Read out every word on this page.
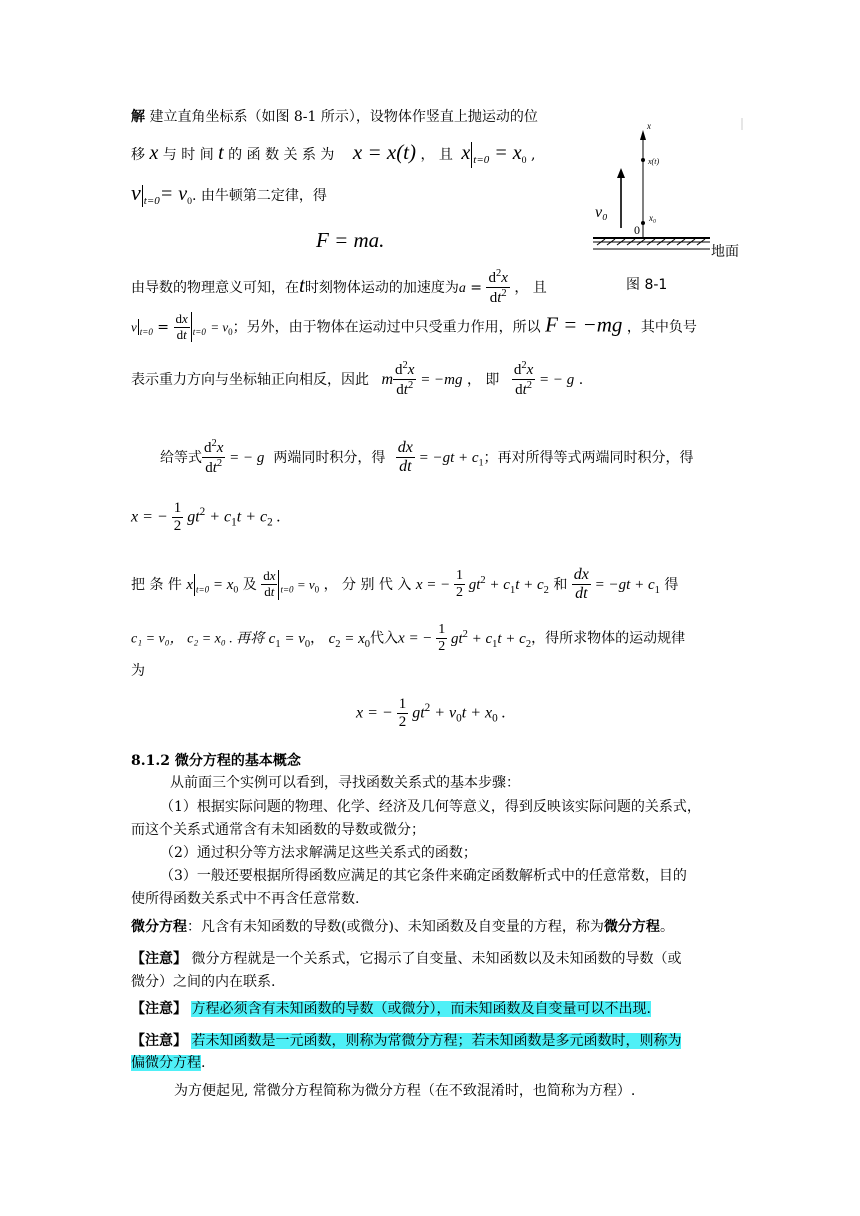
解 建立直角坐标系（如图 8-1 所示），设物体作竖直上抛运动的位
移 x 与 时 间 t 的 函 数 关 系 为 x = x(t) ， 且 x $_{t=0} = x_0$ ,
v $_{t=0}= v_0$. 由牛顿第二定律，得
F = ma.
由导数的物理意义可知，在t时刻物体运动的加速度为$a = \frac{d^2x}{dt^2}$ ， 且
v $_{t=0} = \frac{dx}{dt} _{t=0} = v_0$；另外，由于物体在运动过中只受重力作用，所以 F = −mg ，其中负号
表示重力方向与坐标轴正向相反，因此 m $\frac{d^2x}{dt^2} = -mg$ ， 即 $\frac{d^2x}{dt^2}$ = − g .
给等式 $\frac{d^2x}{dt^2}$ = − g 两端同时积分，得 $\frac{dx}{dt} = -gt + c_1$；再对所得等式两端同时积分，得
x = − $\frac{1}{2} gt^2 + c_1t + c_2$ .
把 条 件 x $_{t=0} = x_0$ 及 $\frac{dx}{dt} _{t=0} = v_0$ ， 分 别 代 入 x = − $\frac{1}{2} gt^2 + c_1t + c_2$ 和 $\frac{dx}{dt} = -gt + c_1$ 得
c₁ = v₀， c₂ = x₀ . 再将 $c_1 = v_0$， $c_2 = x_0$代入x = − $\frac{1}{2} gt^2 + c_1t + c_2$，得所求物体的运动规律
为
x = − $\frac{1}{2} gt^2 + v_0t + x_0$ .
8.1.2 微分方程的基本概念
从前面三个实例可以看到，寻找函数关系式的基本步骤：
（1）根据实际问题的物理、化学、经济及几何等意义，得到反映该实际问题的关系式，
而这个关系式通常含有未知函数的导数或微分；
（2）通过积分等方法求解满足这些关系式的函数；
（3）一般还要根据所得函数应满足的其它条件来确定函数解析式中的任意常数，目的
使所得函数关系式中不再含任意常数.
微分方程：凡含有未知函数的导数(或微分)、未知函数及自变量的方程，称为微分方程。
【注意】 微分方程就是一个关系式，它揭示了自变量、未知函数以及未知函数的导数（或
微分）之间的内在联系.
【注意】 方程必须含有未知函数的导数（或微分），而未知函数及自变量可以不出现.
【注意】 若未知函数是一元函数，则称为常微分方程；若未知函数是多元函数时，则称为
偏微分方程.
为方便起见, 常微分方程简称为微分方程（在不致混淆时，也简称为方程）.
x
x(t)
x₀
v₀
0
地面
图 8-1
